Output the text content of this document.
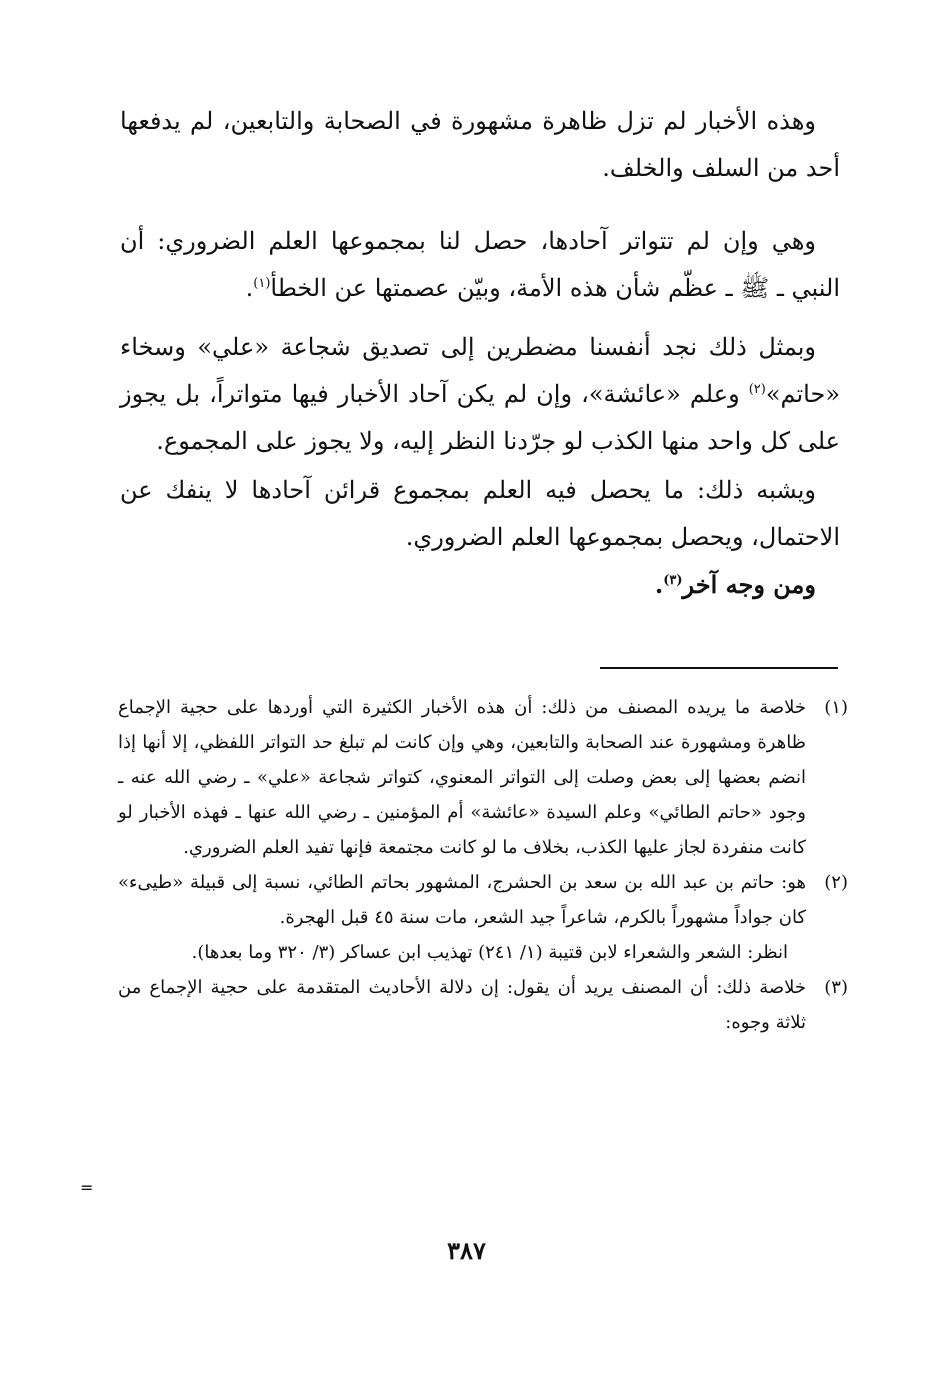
وهذه الأخبار لم تزل ظاهرة مشهورة في الصحابة والتابعين، لم يدفعها أحد من السلف والخلف.

وهي وإن لم تتواتر آحادها، حصل لنا بمجموعها العلم الضروري: أن النبي ـ ﷺ ـ عظّم شأن هذه الأمة، وبيّن عصمتها عن الخطأ$^{(١)}$.

وبمثل ذلك نجد أنفسنا مضطرين إلى تصديق شجاعة «علي» وسخاء «حاتم»$^{(٢)}$ وعلم «عائشة»، وإن لم يكن آحاد الأخبار فيها متواتراً، بل يجوز على كل واحد منها الكذب لو جرّدنا النظر إليه، ولا يجوز على المجموع.

ويشبه ذلك: ما يحصل فيه العلم بمجموع قرائن آحادها لا ينفك عن الاحتمال، ويحصل بمجموعها العلم الضروري.

ومن وجه آخر$^{(٣)}$.

(١)
خلاصة ما يريده المصنف من ذلك: أن هذه الأخبار الكثيرة التي أوردها على حجية الإجماع ظاهرة ومشهورة عند الصحابة والتابعين، وهي وإن كانت لم تبلغ حد التواتر اللفظي، إلا أنها إذا انضم بعضها إلى بعض وصلت إلى التواتر المعنوي، كتواتر شجاعة «علي» ـ رضي الله عنه ـ وجود «حاتم الطائي» وعلم السيدة «عائشة» أم المؤمنين ـ رضي الله عنها ـ فهذه الأخبار لو كانت منفردة لجاز عليها الكذب، بخلاف ما لو كانت مجتمعة فإنها تفيد العلم الضروري.
(٢)
هو: حاتم بن عبد الله بن سعد بن الحشرج، المشهور بحاتم الطائي، نسبة إلى قبيلة «طيىء» كان جواداً مشهوراً بالكرم، شاعراً جيد الشعر، مات سنة ٤٥ قبل الهجرة.
انظر: الشعر والشعراء لابن قتيبة (١/ ٢٤١) تهذيب ابن عساكر (٣/ ٣٢٠ وما بعدها).
(٣)
خلاصة ذلك: أن المصنف يريد أن يقول: إن دلالة الأحاديث المتقدمة على حجية الإجماع من ثلاثة وجوه:
=
٣٨٧
